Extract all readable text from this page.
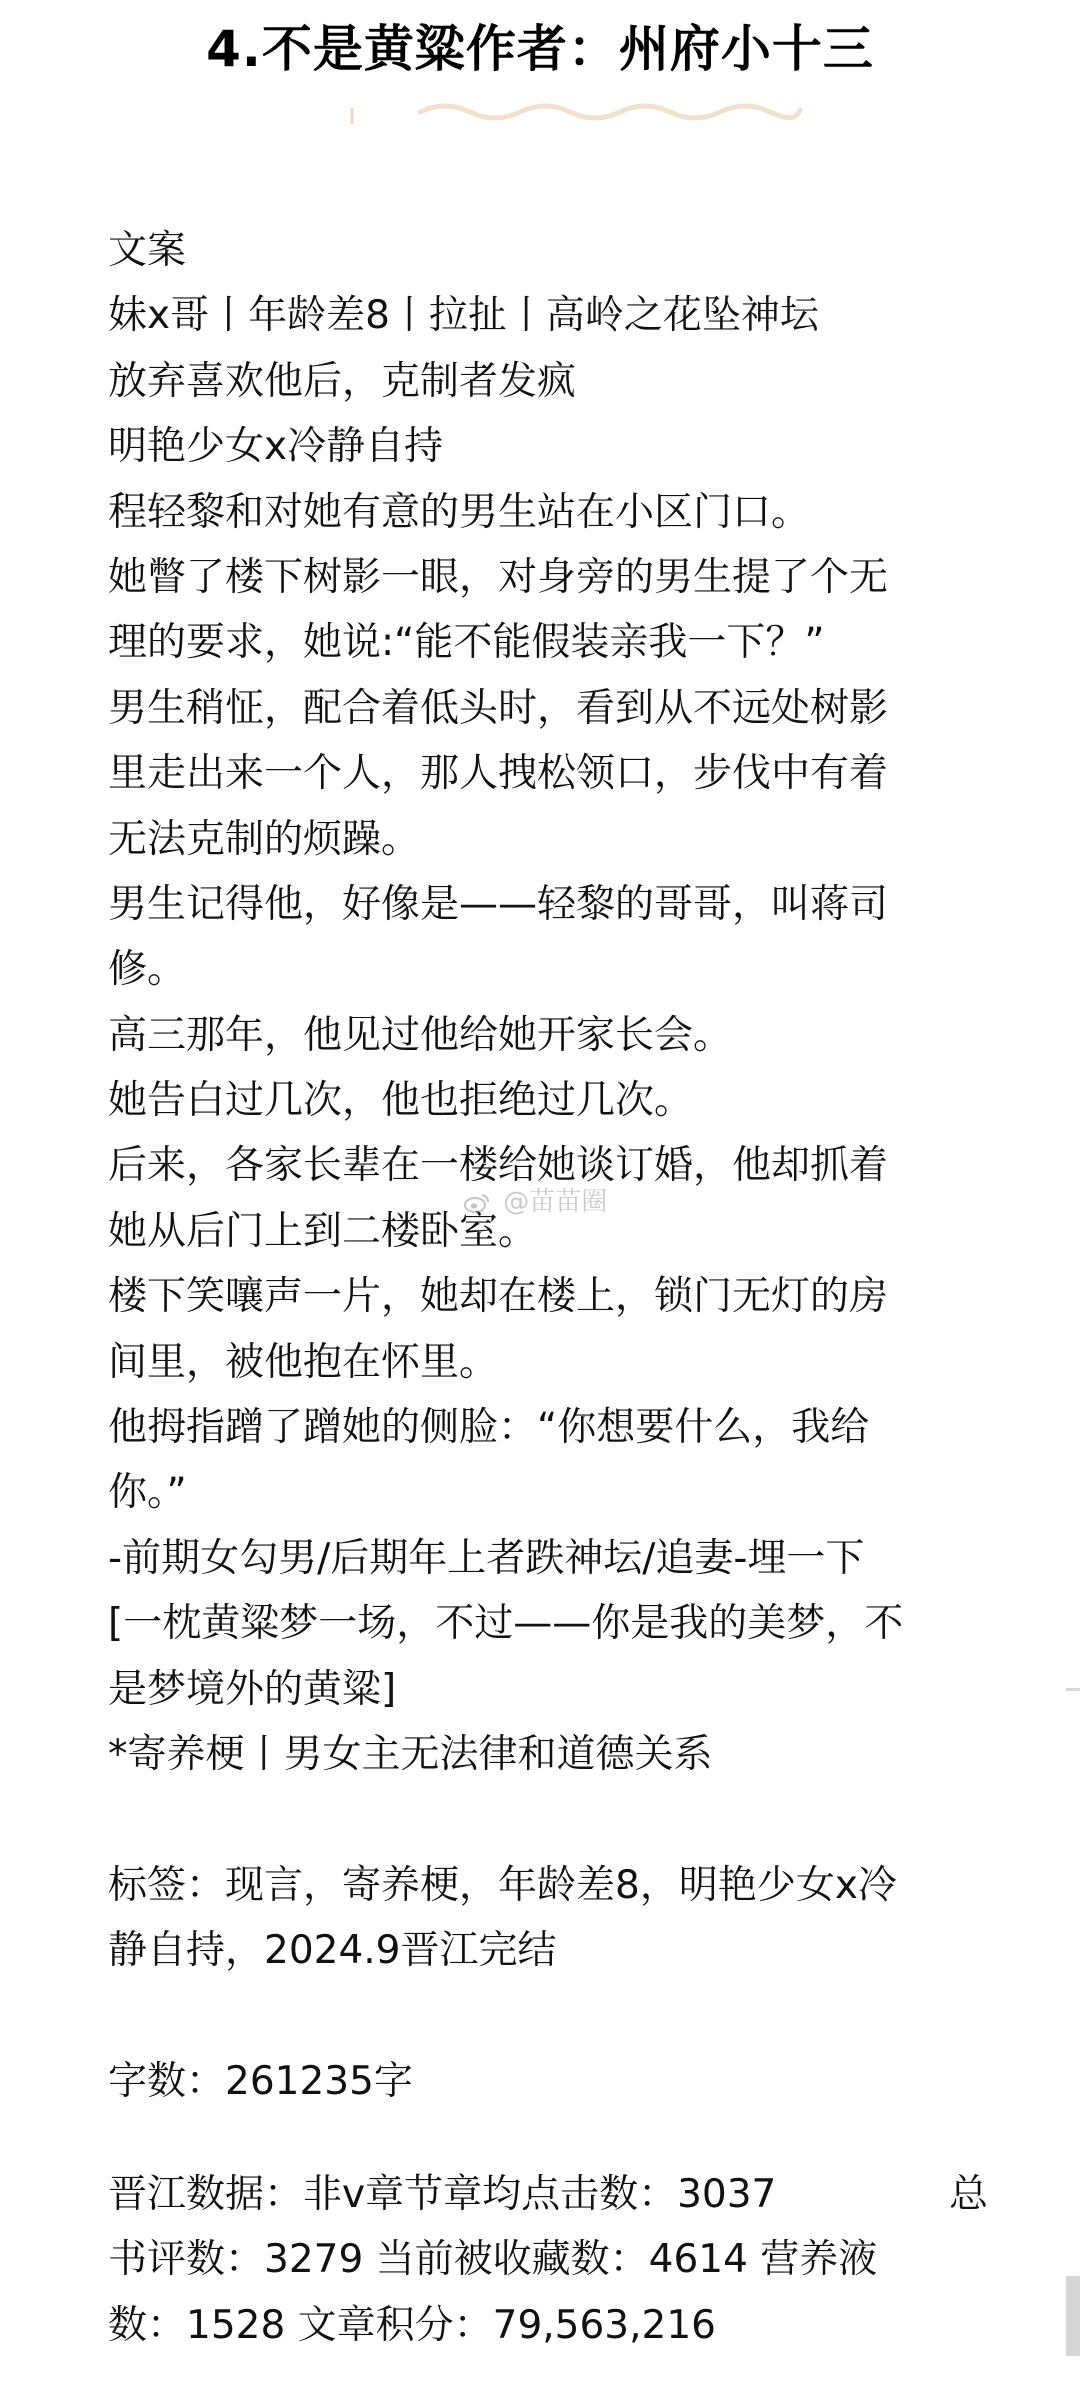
4.不是黄粱作者：州府小十三
文案
妹x哥丨年龄差8丨拉扯丨高岭之花坠神坛
放弃喜欢他后，克制者发疯
明艳少女x冷静自持
程轻黎和对她有意的男生站在小区门口。
她瞥了楼下树影一眼，对身旁的男生提了个无
理的要求，她说:“能不能假装亲我一下？”
男生稍怔，配合着低头时，看到从不远处树影
里走出来一个人，那人拽松领口，步伐中有着
无法克制的烦躁。
男生记得他，好像是——轻黎的哥哥，叫蒋司
修。
高三那年，他见过他给她开家长会。
她告白过几次，他也拒绝过几次。
后来，各家长辈在一楼给她谈订婚，他却抓着
她从后门上到二楼卧室。
楼下笑嚷声一片，她却在楼上，锁门无灯的房
间里，被他抱在怀里。
他拇指蹭了蹭她的侧脸：“你想要什么，我给
你。”
-前期女勾男/后期年上者跌神坛/追妻-埋一下
[一枕黄粱梦一场，不过——你是我的美梦，不
是梦境外的黄粱]
*寄养梗丨男女主无法律和道德关系
标签：现言，寄养梗，年龄差8，明艳少女x冷
静自持，2024.9晋江完结
字数：261235字
晋江数据：非v章节章均点击数：3037	总
书评数：3279 当前被收藏数：4614 营养液
数：1528 文章积分：79,563,216
@苗苗圈
